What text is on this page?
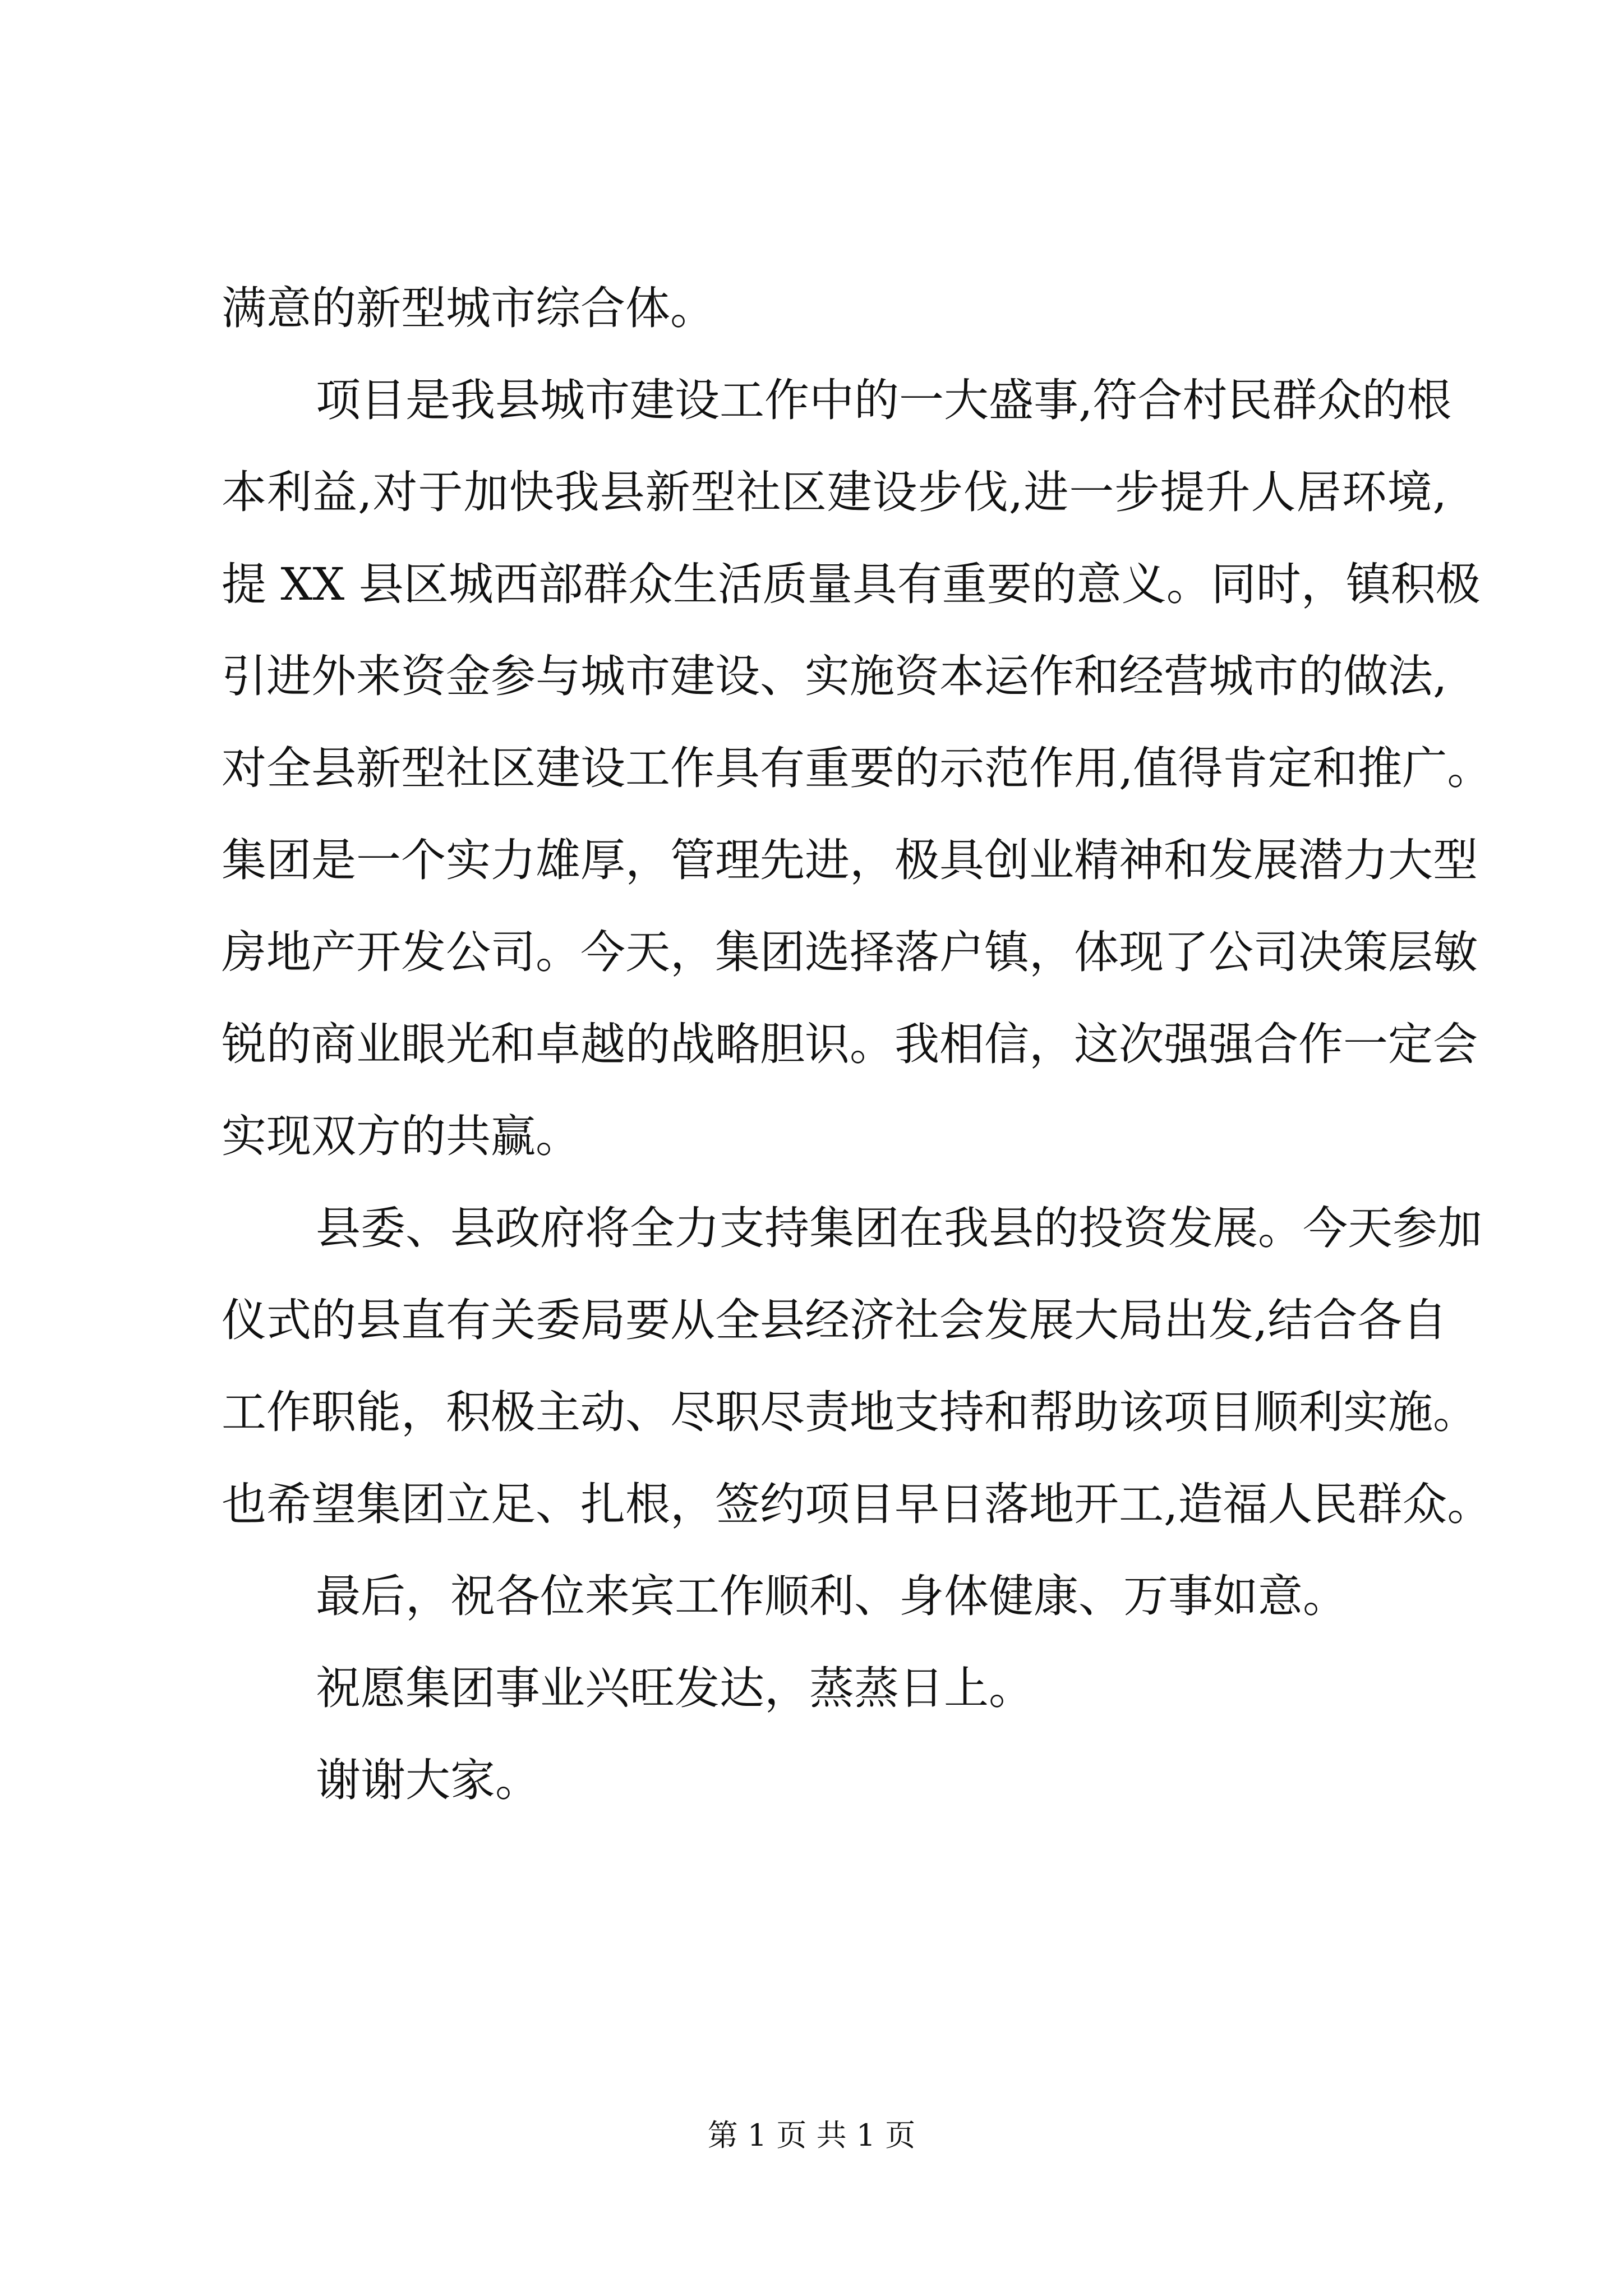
满意的新型城市综合体。
项目是我县城市建设工作中的一大盛事,符合村民群众的根
本利益,对于加快我县新型社区建设步伐,进一步提升人居环境,
提 XX 县区城西部群众生活质量具有重要的意义。同时，镇积极
引进外来资金参与城市建设、实施资本运作和经营城市的做法,
对全县新型社区建设工作具有重要的示范作用,值得肯定和推广。
集团是一个实力雄厚，管理先进，极具创业精神和发展潜力大型
房地产开发公司。今天，集团选择落户镇，体现了公司决策层敏
锐的商业眼光和卓越的战略胆识。我相信，这次强强合作一定会
实现双方的共赢。
县委、县政府将全力支持集团在我县的投资发展。今天参加
仪式的县直有关委局要从全县经济社会发展大局出发,结合各自
工作职能，积极主动、尽职尽责地支持和帮助该项目顺利实施。
也希望集团立足、扎根，签约项目早日落地开工,造福人民群众。
最后，祝各位来宾工作顺利、身体健康、万事如意。
祝愿集团事业兴旺发达，蒸蒸日上。
谢谢大家。
第 1 页 共 1 页
